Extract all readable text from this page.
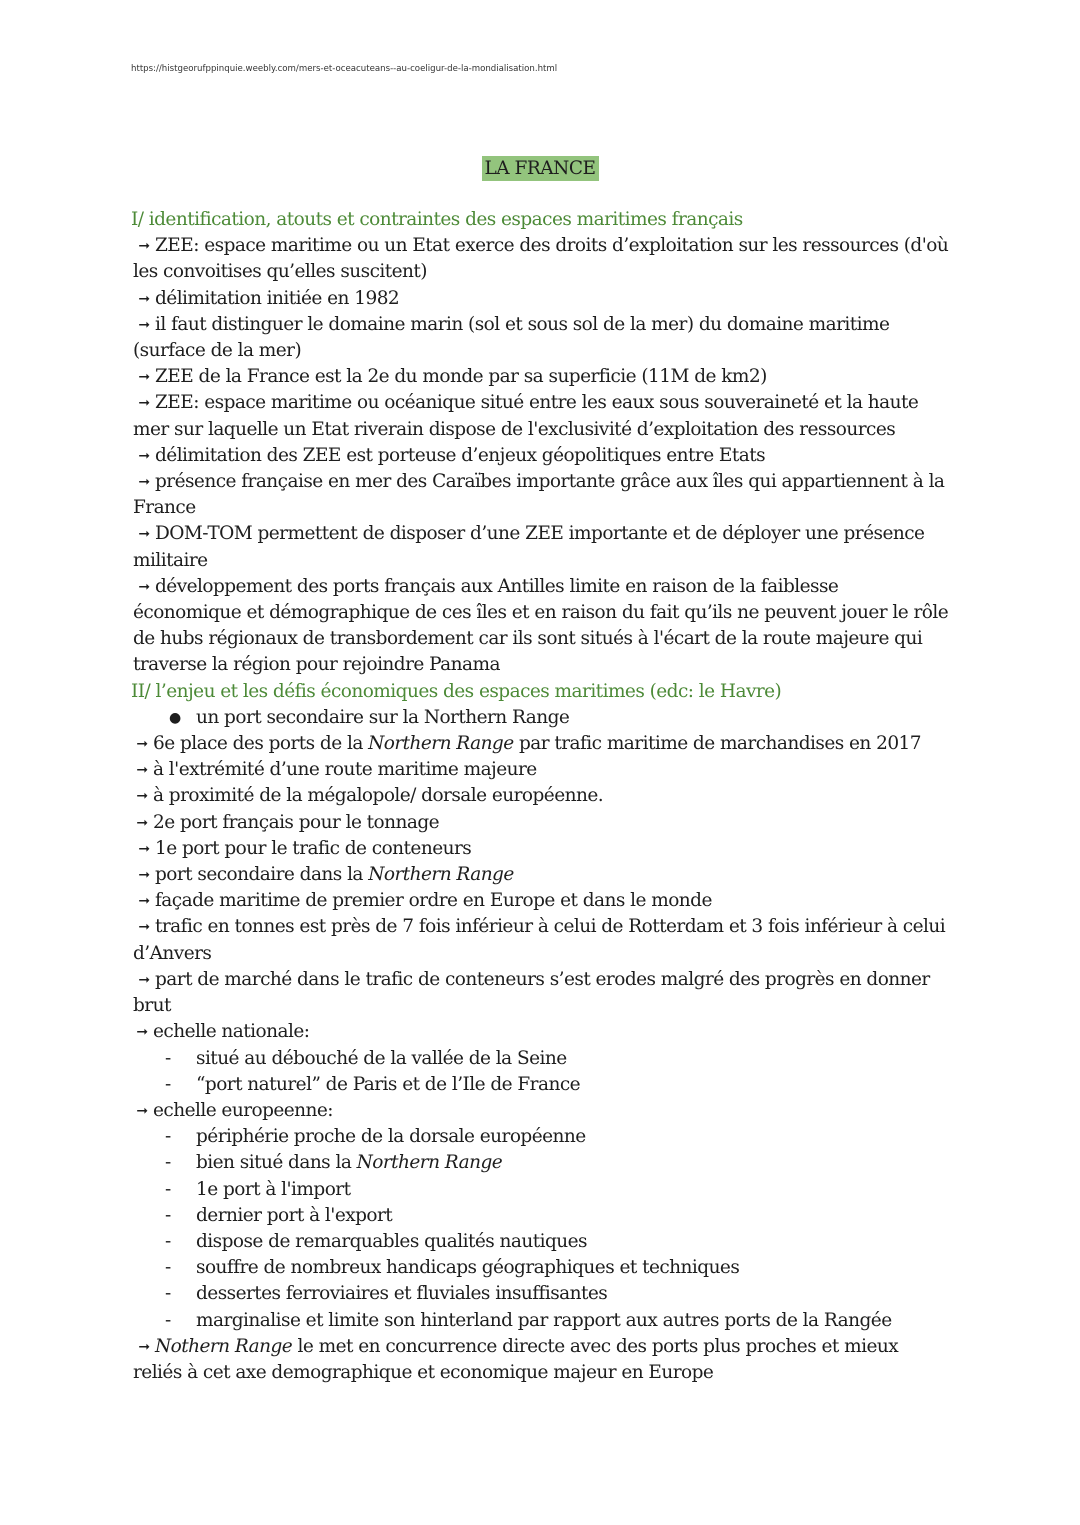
https://histgeorufppinquie.weebly.com/mers-et-oceacuteans--au-coeligur-de-la-mondialisation.html
LA FRANCE

I/ identification, atouts et contraintes des espaces maritimes français

➞ ZEE: espace maritime ou un Etat exerce des droits d’exploitation sur les ressources (d'où les convoitises qu’elles suscitent)

➞ délimitation initiée en 1982

➞ il faut distinguer le domaine marin (sol et sous sol de la mer) du domaine maritime (surface de la mer)

➞ ZEE de la France est la 2e du monde par sa superficie (11M de km2)

➞ ZEE: espace maritime ou océanique situé entre les eaux sous souveraineté et la haute mer sur laquelle un Etat riverain dispose de l'exclusivité d’exploitation des ressources

➞ délimitation des ZEE est porteuse d’enjeux géopolitiques entre Etats

➞ présence française en mer des Caraïbes importante grâce aux îles qui appartiennent à la France

➞ DOM-TOM permettent de disposer d’une ZEE importante et de déployer une présence militaire

➞ développement des ports français aux Antilles limite en raison de la faiblesse économique et démographique de ces îles et en raison du fait qu’ils ne peuvent jouer le rôle de hubs régionaux de transbordement car ils sont situés à l'écart de la route majeure qui traverse la région pour rejoindre Panama

II/ l’enjeu et les défis économiques des espaces maritimes (edc: le Havre)

● un port secondaire sur la Northern Range

➞ 6e place des ports de la Northern Range par trafic maritime de marchandises en 2017

➞ à l'extrémité d’une route maritime majeure

➞ à proximité de la mégalopole/ dorsale européenne.

➞ 2e port français pour le tonnage

➞ 1e port pour le trafic de conteneurs

➞ port secondaire dans la Northern Range

➞ façade maritime de premier ordre en Europe et dans le monde

➞ trafic en tonnes est près de 7 fois inférieur à celui de Rotterdam et 3 fois inférieur à celui d’Anvers

➞ part de marché dans le trafic de conteneurs s’est erodes malgré des progrès en donner brut

➞ echelle nationale:

- situé au débouché de la vallée de la Seine

- “port naturel” de Paris et de l’Ile de France

➞ echelle europeenne:

- périphérie proche de la dorsale européenne

- bien situé dans la Northern Range

- 1e port à l'import

- dernier port à l'export

- dispose de remarquables qualités nautiques

- souffre de nombreux handicaps géographiques et techniques

- dessertes ferroviaires et fluviales insuffisantes

- marginalise et limite son hinterland par rapport aux autres ports de la Rangée

➞ Nothern Range le met en concurrence directe avec des ports plus proches et mieux reliés à cet axe demographique et economique majeur en Europe
